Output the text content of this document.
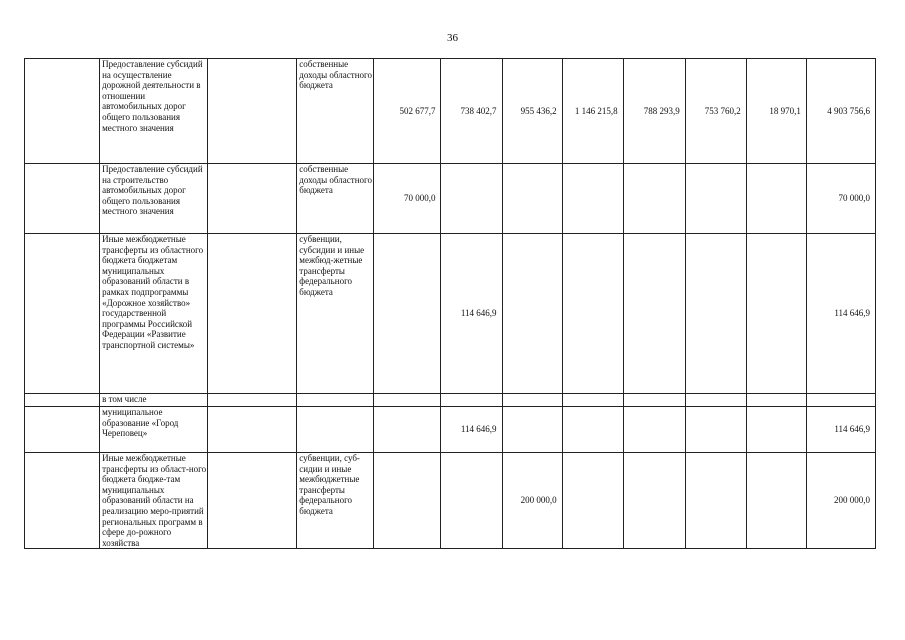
36
	Предоставление субсидий на осуществление дорожной деятельности в отношении автомобильных дорог общего пользования местного значения		собственные доходы областного бюджета	502 677,7	738 402,7	955 436,2	1 146 215,8	788 293,9	753 760,2	18 970,1	4 903 756,6
	Предоставление субсидий на строительство автомобильных дорог общего пользования местного значения		собственные доходы областного бюджета	70 000,0							70 000,0
	Иные межбюджетные трансферты из областного бюджета бюджетам муниципальных образований области в рамках подпрограммы «Дорожное хозяйство» государственной программы Российской Федерации «Развитие транспортной системы»		субвенции, субсидии и иные межбюд-жетные трансферты федерального бюджета		114 646,9						114 646,9
	в том числе										
	муниципальное образование «Город Череповец»				114 646,9						114 646,9
	Иные межбюджетные трансферты из област-ного бюджета бюдже-там муниципальных образований области на реализацию меро-приятий региональных программ в сфере до-рожного хозяйства		субвенции, суб-сидии и иные межбюджетные трансферты федерального бюджета			200 000,0					200 000,0
